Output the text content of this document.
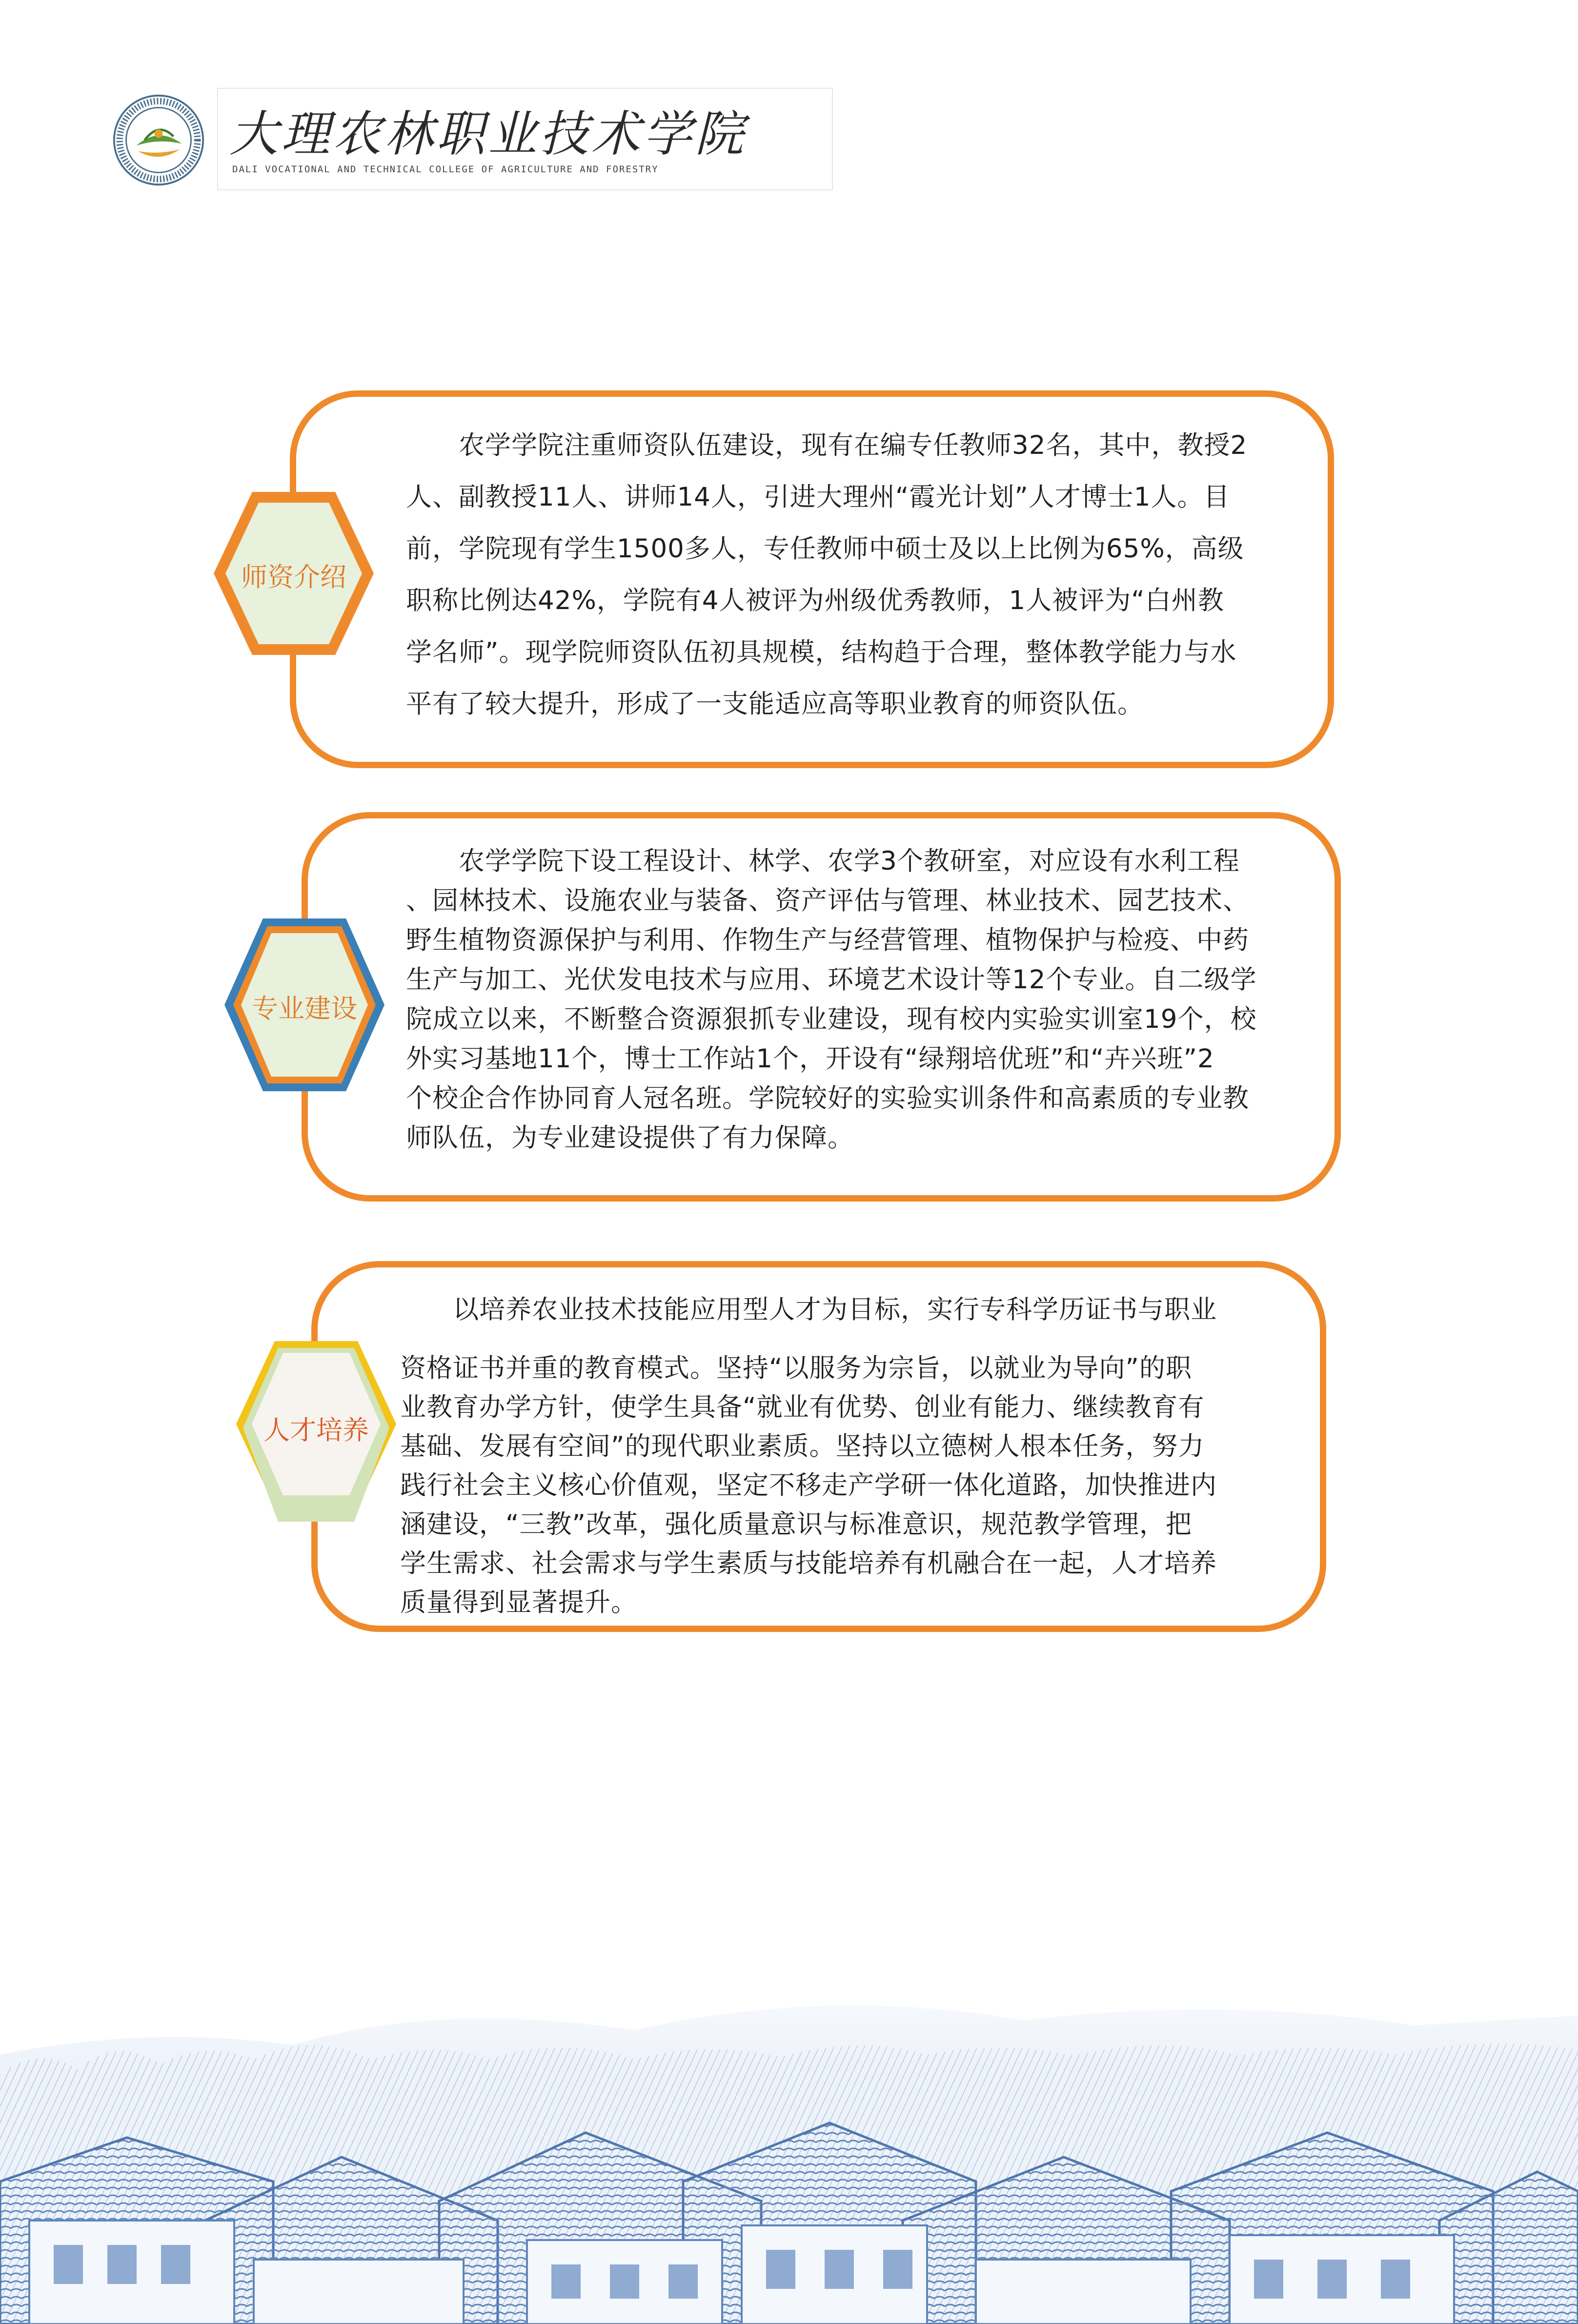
大理农林职业技术学院
DALI VOCATIONAL AND TECHNICAL COLLEGE OF AGRICULTURE AND FORESTRY

　　农学学院注重师资队伍建设，现有在编专任教师32名，其中，教授2
人、副教授11人、讲师14人，引进大理州“霞光计划”人才博士1人。目
前，学院现有学生1500多人，专任教师中硕士及以上比例为65%，高级
职称比例达42%，学院有4人被评为州级优秀教师，1人被评为“白州教
学名师”。现学院师资队伍初具规模，结构趋于合理，整体教学能力与水
平有了较大提升，形成了一支能适应高等职业教育的师资队伍。

师资介绍

　　农学学院下设工程设计、林学、农学3个教研室，对应设有水利工程
、园林技术、设施农业与装备、资产评估与管理、林业技术、园艺技术、
野生植物资源保护与利用、作物生产与经营管理、植物保护与检疫、中药
生产与加工、光伏发电技术与应用、环境艺术设计等12个专业。自二级学
院成立以来，不断整合资源狠抓专业建设，现有校内实验实训室19个，校
外实习基地11个，博士工作站1个，开设有“绿翔培优班”和“卉兴班”2
个校企合作协同育人冠名班。学院较好的实验实训条件和高素质的专业教
师队伍，为专业建设提供了有力保障。

专业建设

　　以培养农业技术技能应用型人才为目标，实行专科学历证书与职业

资格证书并重的教育模式。坚持“以服务为宗旨，以就业为导向”的职
业教育办学方针，使学生具备“就业有优势、创业有能力、继续教育有
基础、发展有空间”的现代职业素质。坚持以立德树人根本任务，努力
践行社会主义核心价值观，坚定不移走产学研一体化道路，加快推进内
涵建设，“三教”改革，强化质量意识与标准意识，规范教学管理，把
学生需求、社会需求与学生素质与技能培养有机融合在一起，人才培养
质量得到显著提升。

人才培养
